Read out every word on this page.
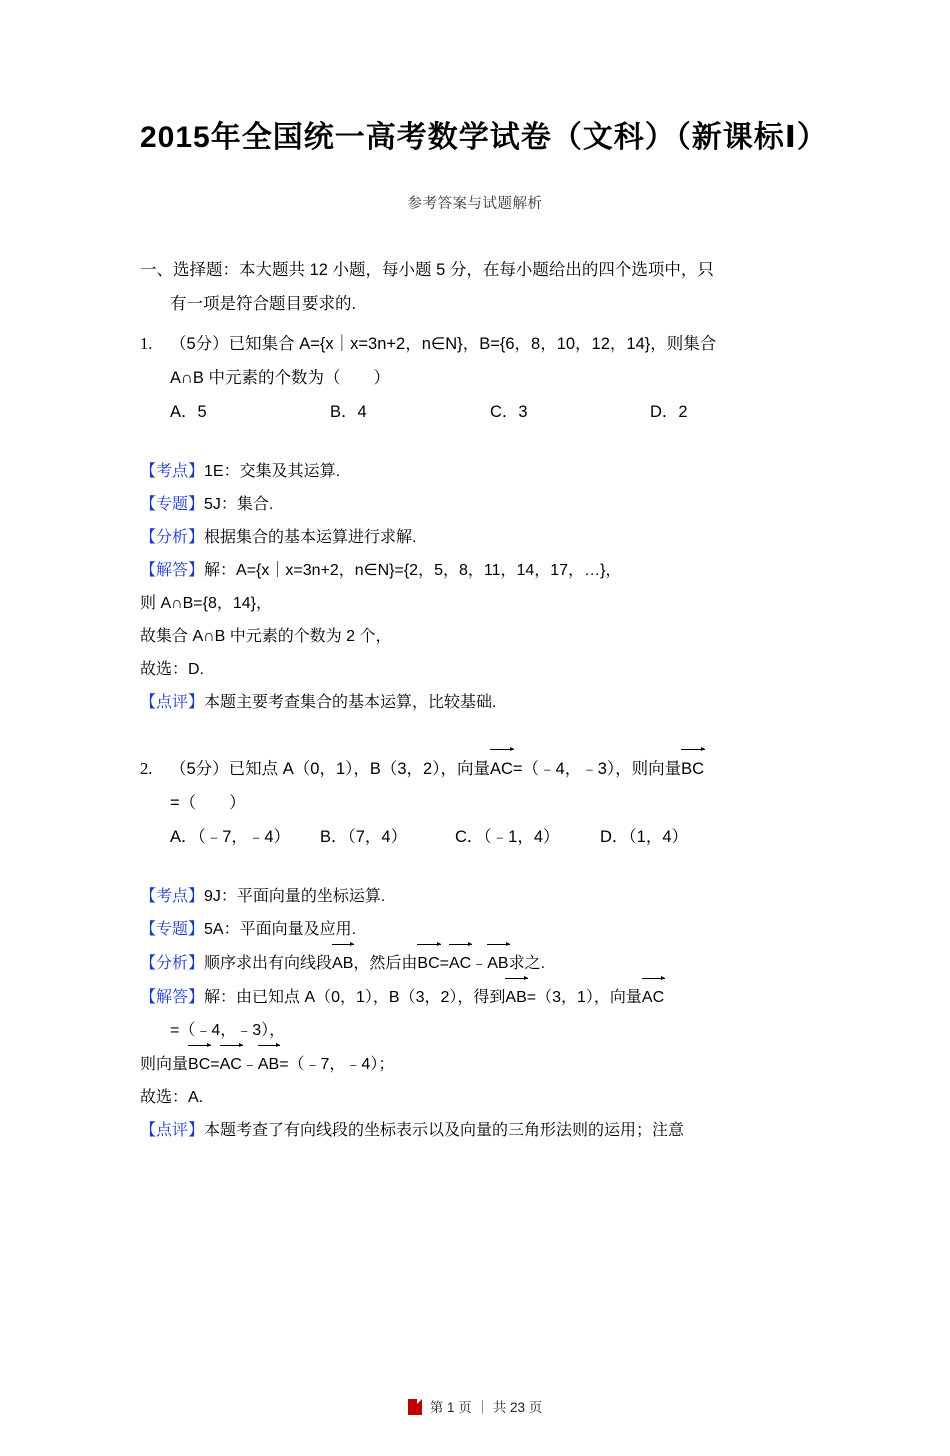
2015年全国统一高考数学试卷（文科）（新课标Ⅰ）
参考答案与试题解析
一、选择题：本大题共 12 小题，每小题 5 分，在每小题给出的四个选项中，只
有一项是符合题目要求的.
1. （5分）已知集合 A={x｜x=3n+2，n∈N}，B={6，8，10，12，14}，则集合
A∩B 中元素的个数为（　　）
A．5	B．4	C．3	D．2

【考点】1E：交集及其运算.

【专题】5J：集合.

【分析】根据集合的基本运算进行求解.

【解答】解：A={x｜x=3n+2，n∈N}={2，5，8，11，14，17，…}，

则 A∩B={8，14}，

故集合 A∩B 中元素的个数为 2 个，

故选：D.

【点评】本题主要考查集合的基本运算，比较基础.

2. （5分）已知点 A（0，1），B（3，2），向量AC=（﹣4，﹣3），则向量BC
=（　　）
A．（﹣7，﹣4）	B．（7，4）	C．（﹣1，4）	D．（1，4）

【考点】9J：平面向量的坐标运算.

【专题】5A：平面向量及应用.

【分析】顺序求出有向线段AB，然后由BC=AC﹣AB求之.

【解答】解：由已知点 A（0，1），B（3，2），得到AB=（3，1），向量AC
=（﹣4，﹣3），

则向量BC=AC﹣AB=（﹣7，﹣4）；

故选：A.

【点评】本题考查了有向线段的坐标表示以及向量的三角形法则的运用；注意

第 1 页 ｜ 共 23 页
